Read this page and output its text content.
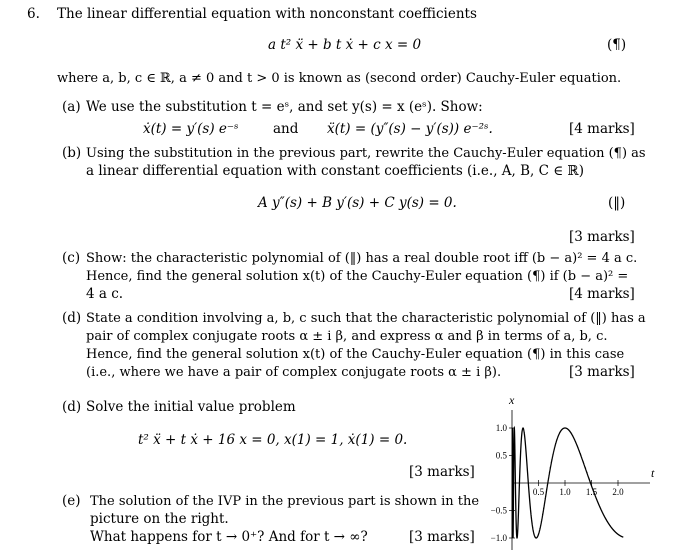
6. The linear differential equation with nonconstant coefficients
a t² ẍ + b t ẋ + c x = 0	(¶)
where a, b, c ∈ ℝ, a ≠ 0 and t > 0 is known as (second order) Cauchy-Euler equation.
(a) We use the substitution t = eˢ, and set y(s) = x (eˢ). Show:
ẋ(t) = y′(s) e⁻ˢ	and ẍ(t) = (y″(s) − y′(s)) e⁻²ˢ.	[4 marks]
(b) Using the substitution in the previous part, rewrite the Cauchy-Euler equation (¶) as
a linear differential equation with constant coefficients (i.e., A, B, C ∈ ℝ)
A y″(s) + B y′(s) + C y(s) = 0.	(‖)
[3 marks]
(c) Show: the characteristic polynomial of (‖) has a real double root iff (b − a)² = 4 a c.
Hence, find the general solution x(t) of the Cauchy-Euler equation (¶) if (b − a)² =
4 a c.	[4 marks]
(d) State a condition involving a, b, c such that the characteristic polynomial of (‖) has a
pair of complex conjugate roots α ± i β, and express α and β in terms of a, b, c.
Hence, find the general solution x(t) of the Cauchy-Euler equation (¶) in this case
(i.e., where we have a pair of complex conjugate roots α ± i β).	[3 marks]
(d) Solve the initial value problem
t² ẍ + t ẋ + 16 x = 0, x(1) = 1, ẋ(1) = 0.
[3 marks]
(e) The solution of the IVP in the previous part is shown in the
picture on the right.
What happens for t → 0⁺? And for t → ∞?	[3 marks]
t
x
0.5 1.0 1.5 2.0
1.0
0.5
−0.5
−1.0
